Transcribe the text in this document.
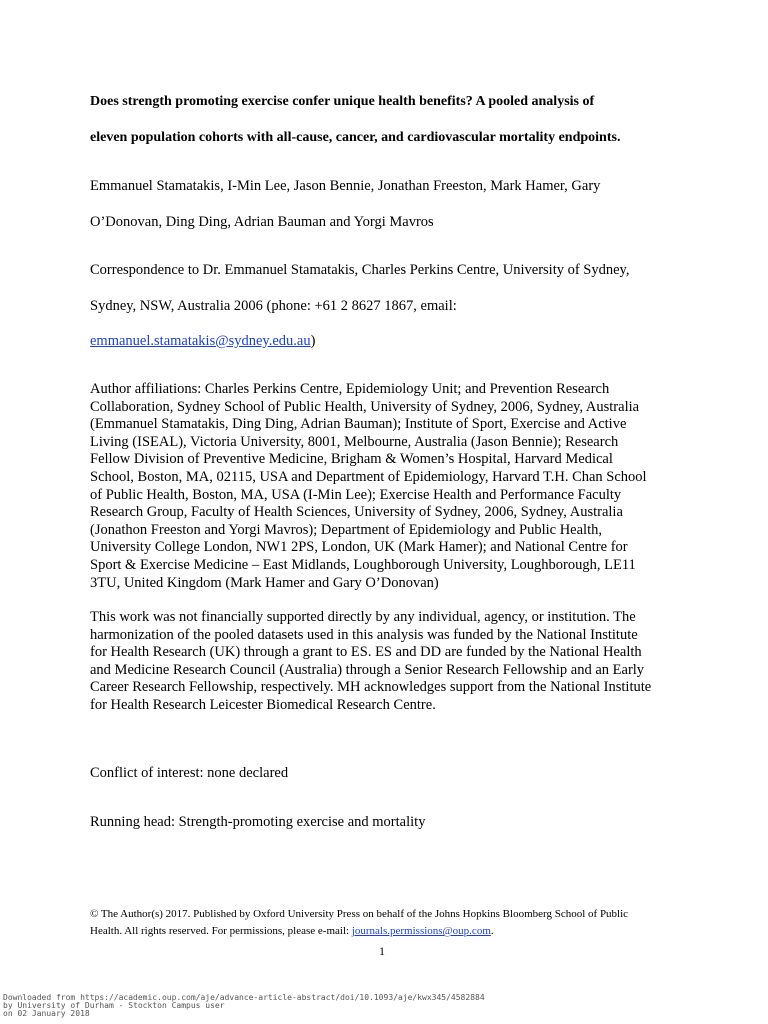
Does strength promoting exercise confer unique health benefits? A pooled analysis of
eleven population cohorts with all-cause, cancer, and cardiovascular mortality endpoints.
Emmanuel Stamatakis, I-Min Lee, Jason Bennie, Jonathan Freeston, Mark Hamer, Gary
O’Donovan, Ding Ding, Adrian Bauman and Yorgi Mavros
Correspondence to Dr. Emmanuel Stamatakis, Charles Perkins Centre, University of Sydney,
Sydney, NSW, Australia 2006 (phone: +61 2 8627 1867, email:
emmanuel.stamatakis@sydney.edu.au)
Author affiliations: Charles Perkins Centre, Epidemiology Unit; and Prevention Research
Collaboration, Sydney School of Public Health, University of Sydney, 2006, Sydney, Australia
(Emmanuel Stamatakis, Ding Ding, Adrian Bauman); Institute of Sport, Exercise and Active
Living (ISEAL), Victoria University, 8001, Melbourne, Australia (Jason Bennie); Research
Fellow Division of Preventive Medicine, Brigham & Women’s Hospital, Harvard Medical
School, Boston, MA, 02115, USA and Department of Epidemiology, Harvard T.H. Chan School
of Public Health, Boston, MA, USA (I-Min Lee); Exercise Health and Performance Faculty
Research Group, Faculty of Health Sciences, University of Sydney, 2006, Sydney, Australia
(Jonathon Freeston and Yorgi Mavros); Department of Epidemiology and Public Health,
University College London, NW1 2PS, London, UK (Mark Hamer); and National Centre for
Sport & Exercise Medicine – East Midlands, Loughborough University, Loughborough, LE11
3TU, United Kingdom (Mark Hamer and Gary O’Donovan)
This work was not financially supported directly by any individual, agency, or institution. The
harmonization of the pooled datasets used in this analysis was funded by the National Institute
for Health Research (UK) through a grant to ES. ES and DD are funded by the National Health
and Medicine Research Council (Australia) through a Senior Research Fellowship and an Early
Career Research Fellowship, respectively. MH acknowledges support from the National Institute
for Health Research Leicester Biomedical Research Centre.
Conflict of interest: none declared
Running head: Strength-promoting exercise and mortality
© The Author(s) 2017. Published by Oxford University Press on behalf of the Johns Hopkins Bloomberg School of Public
Health. All rights reserved. For permissions, please e-mail: journals.permissions@oup.com.
1
Downloaded from https://academic.oup.com/aje/advance-article-abstract/doi/10.1093/aje/kwx345/4582884
by University of Durham - Stockton Campus user
on 02 January 2018
